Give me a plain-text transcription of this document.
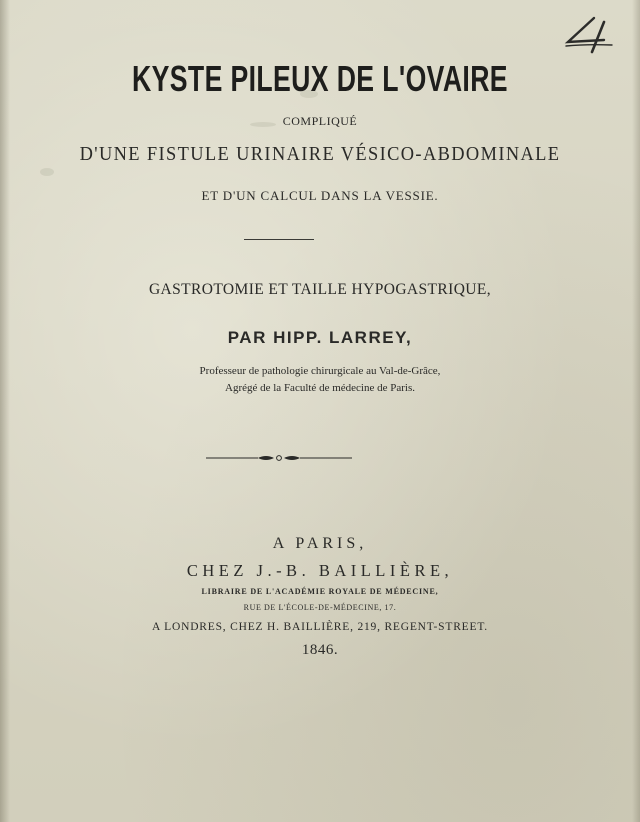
KYSTE PILEUX DE L'OVAIRE
COMPLIQUÉ
D'UNE FISTULE URINAIRE VÉSICO-ABDOMINALE
ET D'UN CALCUL DANS LA VESSIE.
GASTROTOMIE ET TAILLE HYPOGASTRIQUE,
PAR HIPP. LARREY,
Professeur de pathologie chirurgicale au Val-de-Grâce,
Agrégé de la Faculté de médecine de Paris.
A PARIS,
CHEZ J.-B. BAILLIÈRE,
LIBRAIRE DE L'ACADÉMIE ROYALE DE MÉDECINE,
RUE DE L'ÉCOLE-DE-MÉDECINE, 17.
A LONDRES, CHEZ H. BAILLIÈRE, 219, REGENT-STREET.
1846.
